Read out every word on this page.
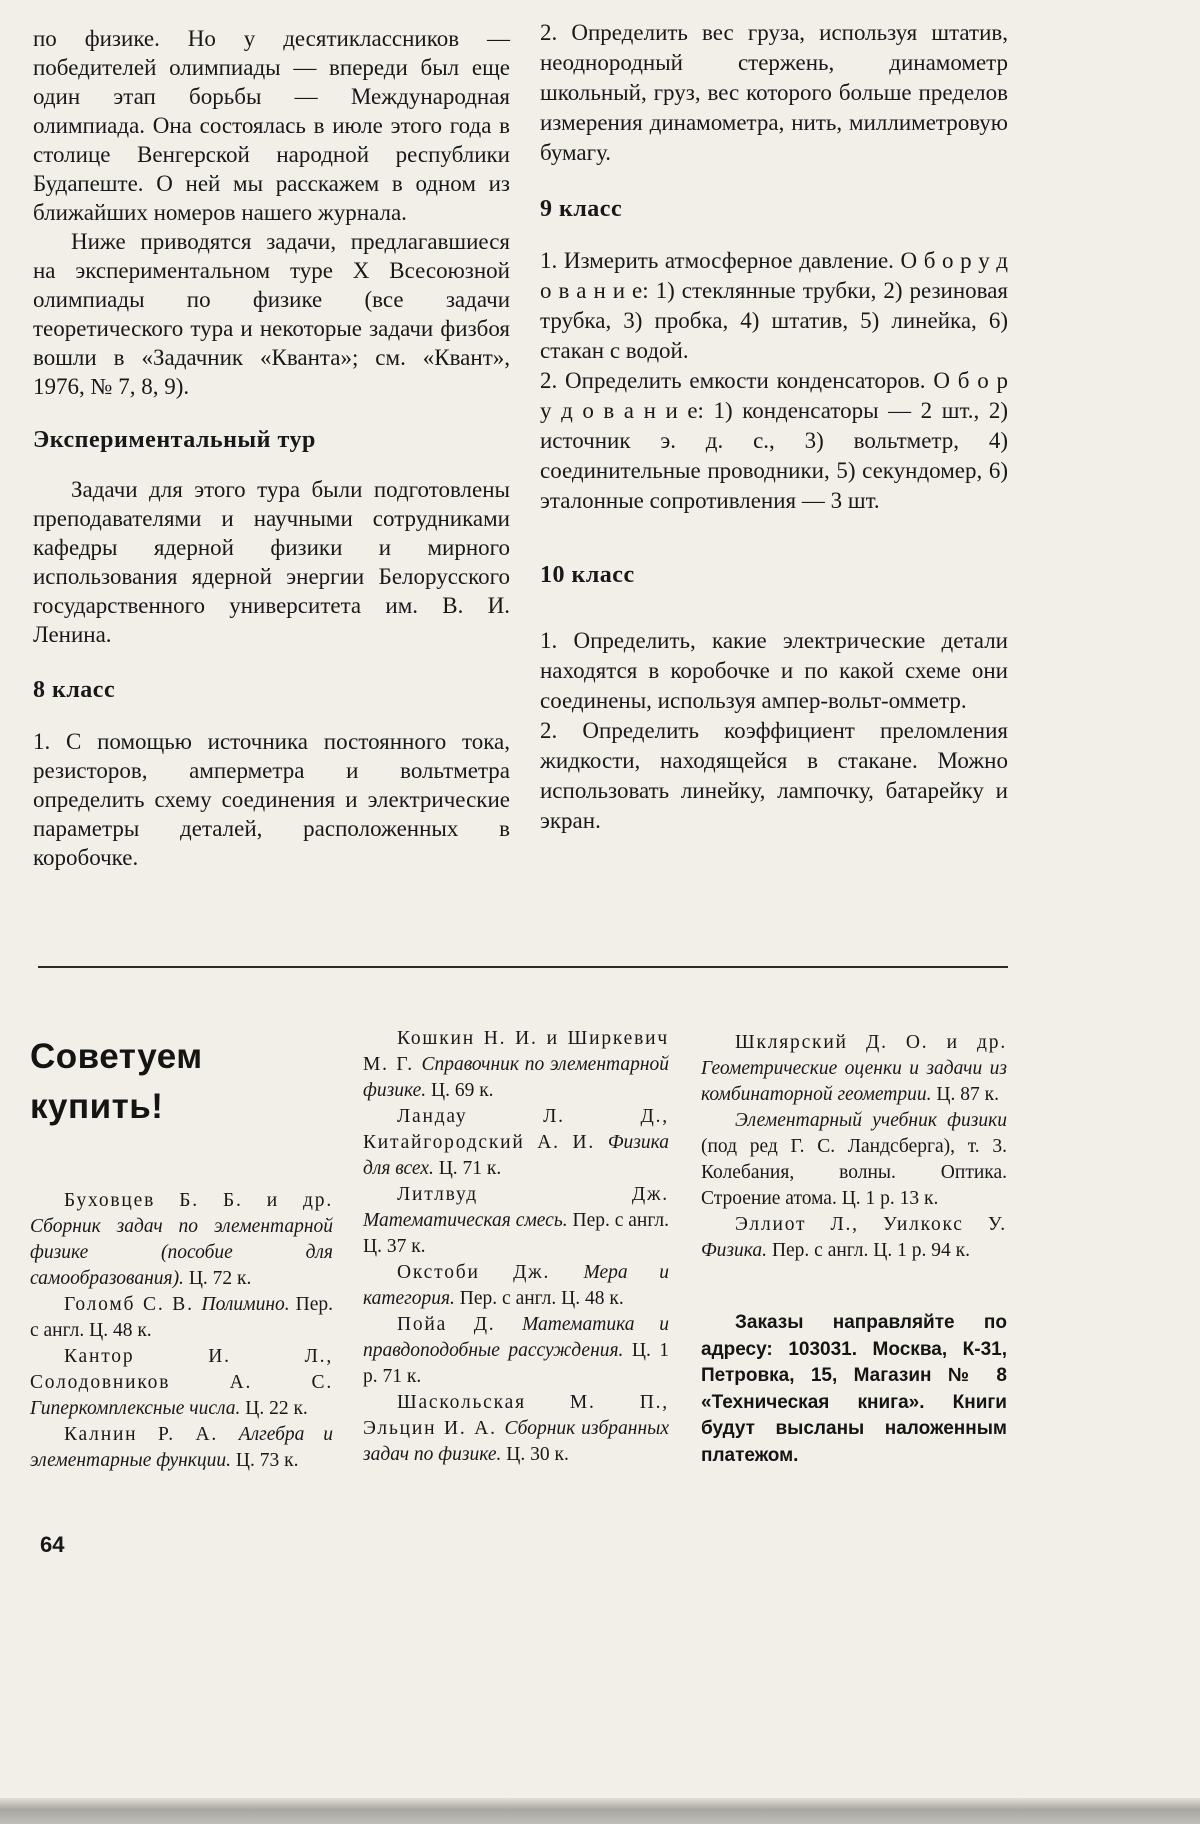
по физике. Но у десятиклассников — победителей олимпиады — впереди был еще один этап борьбы — Международная олимпиада. Она состоялась в июле этого года в столице Венгерской народной республики Будапеште. О ней мы расскажем в одном из ближайших номеров нашего журнала.

Ниже приводятся задачи, предлагавшиеся на экспериментальном туре X Всесоюзной олимпиады по физике (все задачи теоретического тура и некоторые задачи физбоя вошли в «Задачник «Кванта»; см. «Квант», 1976, № 7, 8, 9).

Экспериментальный тур

Задачи для этого тура были подготовлены преподавателями и научными сотрудниками кафедры ядерной физики и мирного использования ядерной энергии Белорусского государственного университета им. В. И. Ленина.

8 класс

1. С помощью источника постоянного тока, резисторов, амперметра и вольтметра определить схему соединения и электрические параметры деталей, расположенных в коробочке.

2. Определить вес груза, используя штатив, неоднородный стержень, динамометр школьный, груз, вес которого больше пределов измерения динамометра, нить, миллиметровую бумагу.

9 класс

1. Измерить атмосферное давление. О б о р у д о в а н и е: 1) стеклянные трубки, 2) резиновая трубка, 3) пробка, 4) штатив, 5) линейка, 6) стакан с водой.

2. Определить емкости конденсаторов. О б о р у д о в а н и е: 1) конденсаторы — 2 шт., 2) источник э. д. с., 3) вольтметр, 4) соединительные проводники, 5) секундомер, 6) эталонные сопротивления — 3 шт.

10 класс

1. Определить, какие электрические детали находятся в коробочке и по какой схеме они соединены, используя ампер-вольт-омметр.

2. Определить коэффициент преломления жидкости, находящейся в стакане. Можно использовать линейку, лампочку, батарейку и экран.

Советуем купить!

Буховцев Б. Б. и др. Сборник задач по элементарной физике (пособие для самообразования). Ц. 72 к.

Голомб С. В. Полимино. Пер. с англ. Ц. 48 к.

Кантор И. Л., Солодовников А. С. Гиперкомплексные числа. Ц. 22 к.

Калнин Р. А. Алгебра и элементарные функции. Ц. 73 к.

Кошкин Н. И. и Ширкевич М. Г. Справочник по элементарной физике. Ц. 69 к.

Ландау Л. Д., Китайгородский А. И. Физика для всех. Ц. 71 к.

Литлвуд Дж. Математическая смесь. Пер. с англ. Ц. 37 к.

Окстоби Дж. Мера и категория. Пер. с англ. Ц. 48 к.

Пойа Д. Математика и правдоподобные рассуждения. Ц. 1 р. 71 к.

Шаскольская М. П., Эльцин И. А. Сборник избранных задач по физике. Ц. 30 к.

Шклярский Д. О. и др. Геометрические оценки и задачи из комбинаторной геометрии. Ц. 87 к.

Элементарный учебник физики (под ред Г. С. Ландсберга), т. 3. Колебания, волны. Оптика. Строение атома. Ц. 1 р. 13 к.

Эллиот Л., Уилкокс У. Физика. Пер. с англ. Ц. 1 р. 94 к.

Заказы направляйте по адресу: 103031. Москва, К-31, Петровка, 15, Магазин № 8 «Техническая книга». Книги будут высланы наложенным платежом.

64
